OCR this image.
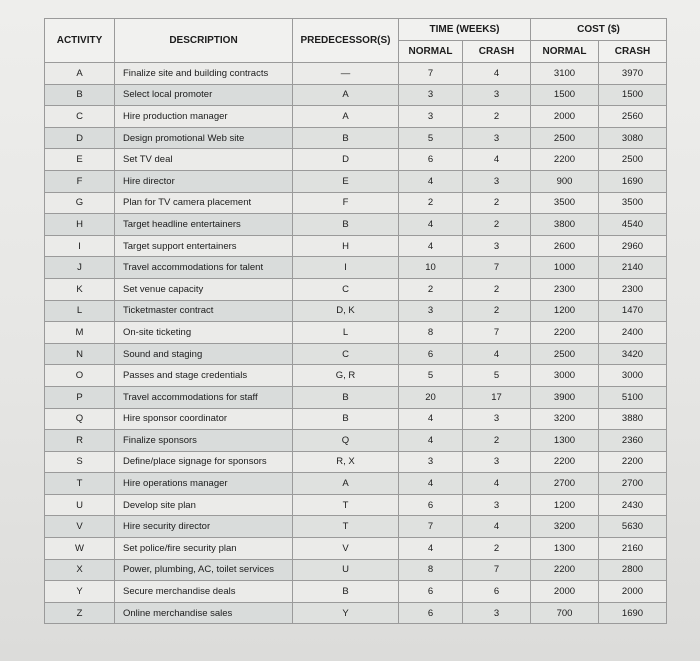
ACTIVITY	DESCRIPTION	PREDECESSOR(S)	TIME (WEEKS)		COST ($)	
			NORMAL	CRASH	NORMAL	CRASH
A	Finalize site and building contracts	—	7	4	3100	3970
B	Select local promoter	A	3	3	1500	1500
C	Hire production manager	A	3	2	2000	2560
D	Design promotional Web site	B	5	3	2500	3080
E	Set TV deal	D	6	4	2200	2500
F	Hire director	E	4	3	900	1690
G	Plan for TV camera placement	F	2	2	3500	3500
H	Target headline entertainers	B	4	2	3800	4540
I	Target support entertainers	H	4	3	2600	2960
J	Travel accommodations for talent	I	10	7	1000	2140
K	Set venue capacity	C	2	2	2300	2300
L	Ticketmaster contract	D, K	3	2	1200	1470
M	On-site ticketing	L	8	7	2200	2400
N	Sound and staging	C	6	4	2500	3420
O	Passes and stage credentials	G, R	5	5	3000	3000
P	Travel accommodations for staff	B	20	17	3900	5100
Q	Hire sponsor coordinator	B	4	3	3200	3880
R	Finalize sponsors	Q	4	2	1300	2360
S	Define/place signage for sponsors	R, X	3	3	2200	2200
T	Hire operations manager	A	4	4	2700	2700
U	Develop site plan	T	6	3	1200	2430
V	Hire security director	T	7	4	3200	5630
W	Set police/fire security plan	V	4	2	1300	2160
X	Power, plumbing, AC, toilet services	U	8	7	2200	2800
Y	Secure merchandise deals	B	6	6	2000	2000
Z	Online merchandise sales	Y	6	3	700	1690
